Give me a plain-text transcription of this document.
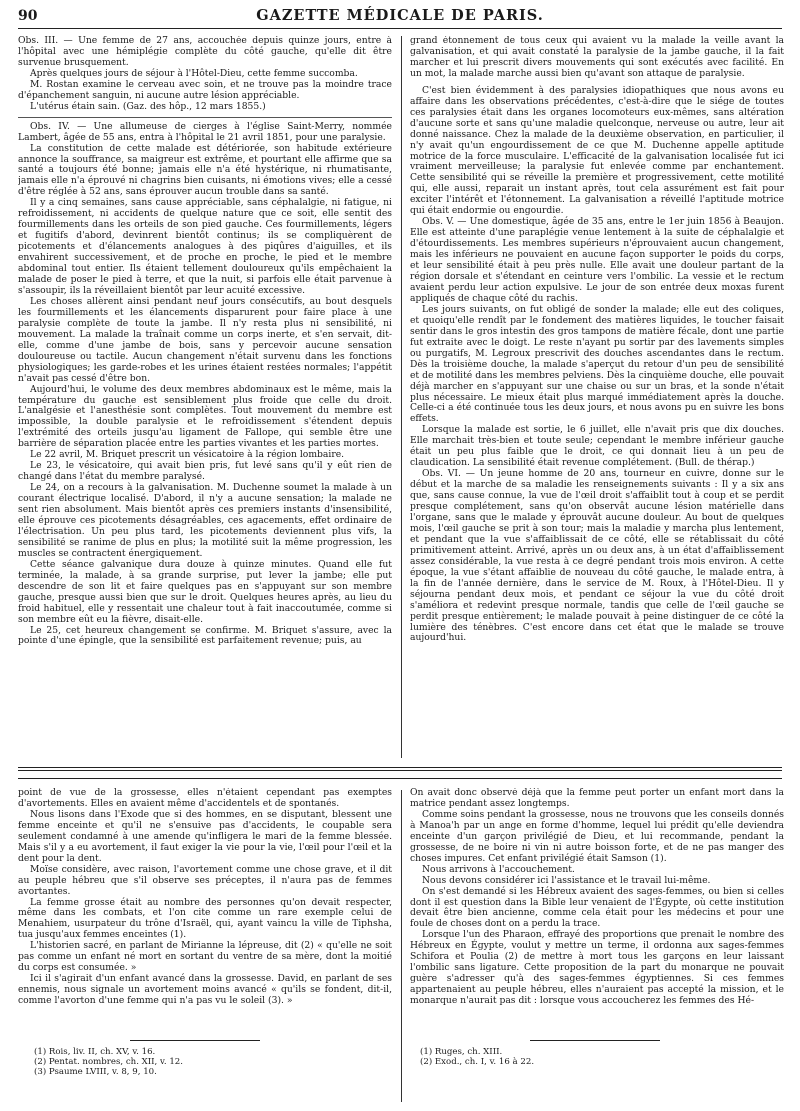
90	GAZETTE MÉDICALE DE PARIS.

Obs. III. — Une femme de 27 ans, accouchée depuis quinze jours, entre à l'hôpital avec une hémiplégie complète du côté gauche, qu'elle dit être survenue brusquement.

Après quelques jours de séjour à l'Hôtel-Dieu, cette femme succomba.

M. Rostan examine le cerveau avec soin, et ne trouve pas la moindre trace d'épanchement sanguin, ni aucune autre lésion appréciable.

L'utérus étain sain. (Gaz. des hôp., 12 mars 1855.)

Obs. IV. — Une allumeuse de cierges à l'église Saint-Merry, nommée Lambert, âgée de 55 ans, entra à l'hôpital le 21 avril 1851, pour une paralysie.

La constitution de cette malade est détériorée, son habitude extérieure annonce la souffrance, sa maigreur est extrême, et pourtant elle affirme que sa santé a toujours été bonne; jamais elle n'a été hystérique, ni rhumatisante, jamais elle n'a éprouvé ni chagrins bien cuisants, ni émotions vives; elle a cessé d'être réglée à 52 ans, sans éprouver aucun trouble dans sa santé.

Il y a cinq semaines, sans cause appréciable, sans céphalalgie, ni fatigue, ni refroidissement, ni accidents de quelque nature que ce soit, elle sentit des fourmillements dans les orteils de son pied gauche. Ces fourmillements, légers et fugitifs d'abord, devinrent bientôt continus; ils se compliquèrent de picotements et d'élancements analogues à des piqûres d'aiguilles, et ils envahirent successivement, et de proche en proche, le pied et le membre abdominal tout entier. Ils étaient tellement douloureux qu'ils empêchaient la malade de poser le pied à terre, et que la nuit, si parfois elle était parvenue à s'assoupir, ils la réveillaient bientôt par leur acuité excessive.

Les choses allèrent ainsi pendant neuf jours consécutifs, au bout desquels les fourmillements et les élancements disparurent pour faire place à une paralysie complète de toute la jambe. Il n'y resta plus ni sensibilité, ni mouvement. La malade la traînait comme un corps inerte, et s'en servait, dit-elle, comme d'une jambe de bois, sans y percevoir aucune sensation douloureuse ou tactile. Aucun changement n'était survenu dans les fonctions physiologiques; les garde-robes et les urines étaient restées normales; l'appétit n'avait pas cessé d'être bon.

Aujourd'hui, le volume des deux membres abdominaux est le même, mais la température du gauche est sensiblement plus froide que celle du droit. L'analgésie et l'anesthésie sont complètes. Tout mouvement du membre est impossible, la double paralysie et le refroidissement s'étendent depuis l'extrémité des orteils jusqu'au ligament de Fallope, qui semble être une barrière de séparation placée entre les parties vivantes et les parties mortes.

Le 22 avril, M. Briquet prescrit un vésicatoire à la région lombaire.

Le 23, le vésicatoire, qui avait bien pris, fut levé sans qu'il y eût rien de changé dans l'état du membre paralysé.

Le 24, on a recours à la galvanisation. M. Duchenne soumet la malade à un courant électrique localisé. D'abord, il n'y a aucune sensation; la malade ne sent rien absolument. Mais bientôt après ces premiers instants d'insensibilité, elle éprouve ces picotements désagréables, ces agacements, effet ordinaire de l'électrisation. Un peu plus tard, les picotements deviennent plus vifs, la sensibilité se ranime de plus en plus; la motilité suit la même progression, les muscles se contractent énergiquement.

Cette séance galvanique dura douze à quinze minutes. Quand elle fut terminée, la malade, à sa grande surprise, put lever la jambe; elle put descendre de son lit et faire quelques pas en s'appuyant sur son membre gauche, presque aussi bien que sur le droit. Quelques heures après, au lieu du froid habituel, elle y ressentait une chaleur tout à fait inaccoutumée, comme si son membre eût eu la fièvre, disait-elle.

Le 25, cet heureux changement se confirme. M. Briquet s'assure, avec la pointe d'une épingle, que la sensibilité est parfaitement revenue; puis, au

grand étonnement de tous ceux qui avaient vu la malade la veille avant la galvanisation, et qui avait constaté la paralysie de la jambe gauche, il la fait marcher et lui prescrit divers mouvements qui sont exécutés avec facilité. En un mot, la malade marche aussi bien qu'avant son attaque de paralysie.

C'est bien évidemment à des paralysies idiopathiques que nous avons eu affaire dans les observations précédentes, c'est-à-dire que le siége de toutes ces paralysies était dans les organes locomoteurs eux-mêmes, sans altération d'aucune sorte et sans qu'une maladie quelconque, nerveuse ou autre, leur ait donné naissance. Chez la malade de la deuxième observation, en particulier, il n'y avait qu'un engourdissement de ce que M. Duchenne appelle aptitude motrice de la force musculaire. L'efficacité de la galvanisation localisée fut ici vraiment merveilleuse; la paralysie fut enlevée comme par enchantement. Cette sensibilité qui se réveille la première et progressivement, cette motilité qui, elle aussi, reparait un instant après, tout cela assurément est fait pour exciter l'intérêt et l'étonnement. La galvanisation a réveillé l'aptitude motrice qui était endormie ou engourdie.

Obs. V. — Une domestique, âgée de 35 ans, entre le 1er juin 1856 à Beaujon. Elle est atteinte d'une paraplégie venue lentement à la suite de céphalalgie et d'étourdissements. Les membres supérieurs n'éprouvaient aucun changement, mais les inférieurs ne pouvaient en aucune façon supporter le poids du corps, et leur sensibilité était à peu près nulle. Elle avait une douleur partant de la région dorsale et s'étendant en ceinture vers l'ombilic. La vessie et le rectum avaient perdu leur action expulsive. Le jour de son entrée deux moxas furent appliqués de chaque côté du rachis.

Les jours suivants, on fut obligé de sonder la malade; elle eut des coliques, et quoiqu'elle rendît par le fondement des matières liquides, le toucher faisait sentir dans le gros intestin des gros tampons de matière fécale, dont une partie fut extraite avec le doigt. Le reste n'ayant pu sortir par des lavements simples ou purgatifs, M. Legroux prescrivit des douches ascendantes dans le rectum. Dès la troisième douche, la malade s'aperçut du retour d'un peu de sensibilité et de motilité dans les membres pelviens. Dès la cinquième douche, elle pouvait déjà marcher en s'appuyant sur une chaise ou sur un bras, et la sonde n'était plus nécessaire. Le mieux était plus marqué immédiatement après la douche. Celle-ci a été continuée tous les deux jours, et nous avons pu en suivre les bons effets.

Lorsque la malade est sortie, le 6 juillet, elle n'avait pris que dix douches. Elle marchait très-bien et toute seule; cependant le membre inférieur gauche était un peu plus faible que le droit, ce qui donnait lieu à un peu de claudication. La sensibilité était revenue complétement. (Bull. de thérap.)

Obs. VI. — Un jeune homme de 20 ans, tourneur en cuivre, donne sur le début et la marche de sa maladie les renseignements suivants : Il y a six ans que, sans cause connue, la vue de l'œil droit s'affaiblit tout à coup et se perdit presque complétement, sans qu'on observât aucune lésion matérielle dans l'organe, sans que le malade y éprouvât aucune douleur. Au bout de quelques mois, l'œil gauche se prit à son tour; mais la maladie y marcha plus lentement, et pendant que la vue s'affaiblissait de ce côté, elle se rétablissait du côté primitivement atteint. Arrivé, après un ou deux ans, à un état d'affaiblissement assez considérable, la vue resta à ce degré pendant trois mois environ. A cette époque, la vue s'étant affaiblie de nouveau du côté gauche, le malade entra, à la fin de l'année dernière, dans le service de M. Roux, à l'Hôtel-Dieu. Il y séjourna pendant deux mois, et pendant ce séjour la vue du côté droit s'améliora et redevint presque normale, tandis que celle de l'œil gauche se perdit presque entièrement; le malade pouvait à peine distinguer de ce côté la lumière des ténèbres. C'est encore dans cet état que le malade se trouve aujourd'hui.

point de vue de la grossesse, elles n'étaient cependant pas exemptes d'avortements. Elles en avaient même d'accidentels et de spontanés.

Nous lisons dans l'Exode que si des hommes, en se disputant, blessent une femme enceinte et qu'il ne s'ensuive pas d'accidents, le coupable sera seulement condamné à une amende qu'infligera le mari de la femme blessée. Mais s'il y a eu avortement, il faut exiger la vie pour la vie, l'œil pour l'œil et la dent pour la dent.

Moïse considère, avec raison, l'avortement comme une chose grave, et il dit au peuple hébreu que s'il observe ses préceptes, il n'aura pas de femmes avortantes.

La femme grosse était au nombre des personnes qu'on devait respecter, même dans les combats, et l'on cite comme un rare exemple celui de Menahiem, usurpateur du trône d'Israël, qui, ayant vaincu la ville de Tiphsha, tua jusqu'aux femmes enceintes (1).

L'historien sacré, en parlant de Mirianne la lépreuse, dit (2) « qu'elle ne soit pas comme un enfant né mort en sortant du ventre de sa mère, dont la moitié du corps est consumée. »

Ici il s'agirait d'un enfant avancé dans la grossesse. David, en parlant de ses ennemis, nous signale un avortement moins avancé « qu'ils se fondent, dit-il, comme l'avorton d'une femme qui n'a pas vu le soleil (3). »

On avait donc observé déjà que la femme peut porter un enfant mort dans la matrice pendant assez longtemps.

Comme soins pendant la grossesse, nous ne trouvons que les conseils donnés à Manoa'h par un ange en forme d'homme, lequel lui prédit qu'elle deviendra enceinte d'un garçon privilégié de Dieu, et lui recommande, pendant la grossesse, de ne boire ni vin ni autre boisson forte, et de ne pas manger des choses impures. Cet enfant privilégié était Samson (1).

Nous arrivons à l'accouchement.

Nous devons considérer ici l'assistance et le travail lui-même.

On s'est demandé si les Hébreux avaient des sages-femmes, ou bien si celles dont il est question dans la Bible leur venaient de l'Égypte, où cette institution devait être bien ancienne, comme cela était pour les médecins et pour une foule de choses dont on a perdu la trace.

Lorsque l'un des Pharaon, effrayé des proportions que prenait le nombre des Hébreux en Égypte, voulut y mettre un terme, il ordonna aux sages-femmes Schifora et Poulia (2) de mettre à mort tous les garçons en leur laissant l'ombilic sans ligature. Cette proposition de la part du monarque ne pouvait guère s'adresser qu'à des sages-femmes égyptiennes. Si ces femmes appartenaient au peuple hébreu, elles n'auraient pas accepté la mission, et le monarque n'aurait pas dit : lorsque vous accoucherez les femmes des Hé-

(1) Rois, liv. II, ch. XV, v. 16.
(2) Pentat. nombres, ch. XII, v. 12.
(3) Psaume LVIII, v. 8, 9, 10.
(1) Ruges, ch. XIII.
(2) Exod., ch. I, v. 16 à 22.
